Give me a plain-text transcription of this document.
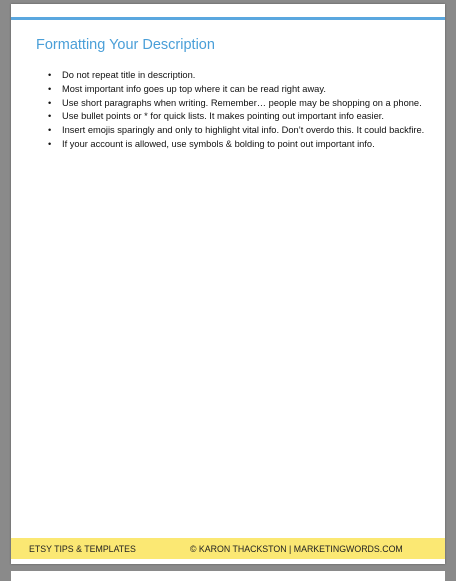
Formatting Your Description
• Do not repeat title in description.
• Most important info goes up top where it can be read right away.
• Use short paragraphs when writing. Remember… people may be shopping on a phone.
• Use bullet points or * for quick lists. It makes pointing out important info easier.
• Insert emojis sparingly and only to highlight vital info. Don’t overdo this. It could backfire.
• If your account is allowed, use symbols & bolding to point out important info.
ETSY TIPS & TEMPLATES	© KARON THACKSTON | MARKETINGWORDS.COM
